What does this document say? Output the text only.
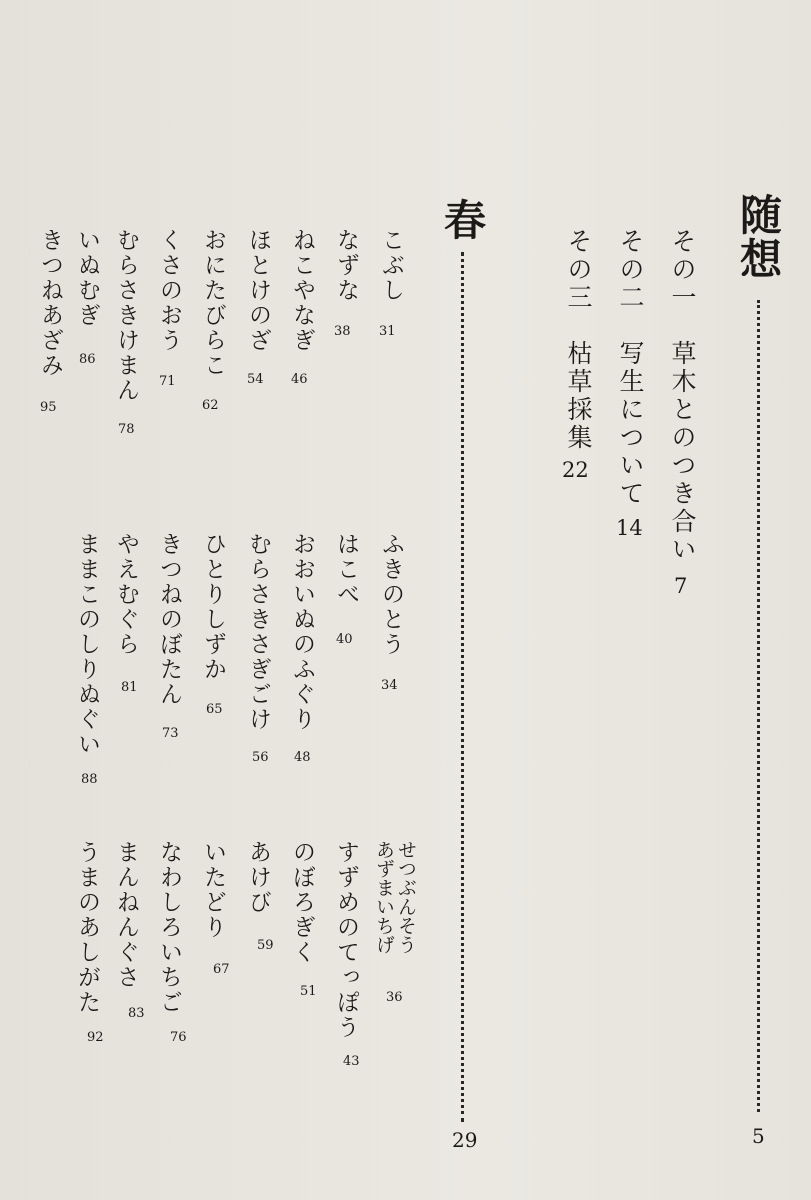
随想
5
その一　草木とのつき合い
7
その二　写生について
14
その三　枯草採集
22
春
29
こぶし
31
なずな
38
ねこやなぎ
46
ほとけのざ
54
おにたびらこ
62
くさのおう
71
むらさきけまん
78
いぬむぎ
86
きつねあざみ
95
ふきのとう
34
はこべ
40
おおいぬのふぐり
48
むらさきさぎごけ
56
ひとりしずか
65
きつねのぼたん
73
やえむぐら
81
ままこのしりぬぐい
88
せつぶんそう
あずまいちげ
36
すずめのてっぽう
43
のぼろぎく
51
あけび
59
いたどり
67
なわしろいちご
76
まんねんぐさ
83
うまのあしがた
92
